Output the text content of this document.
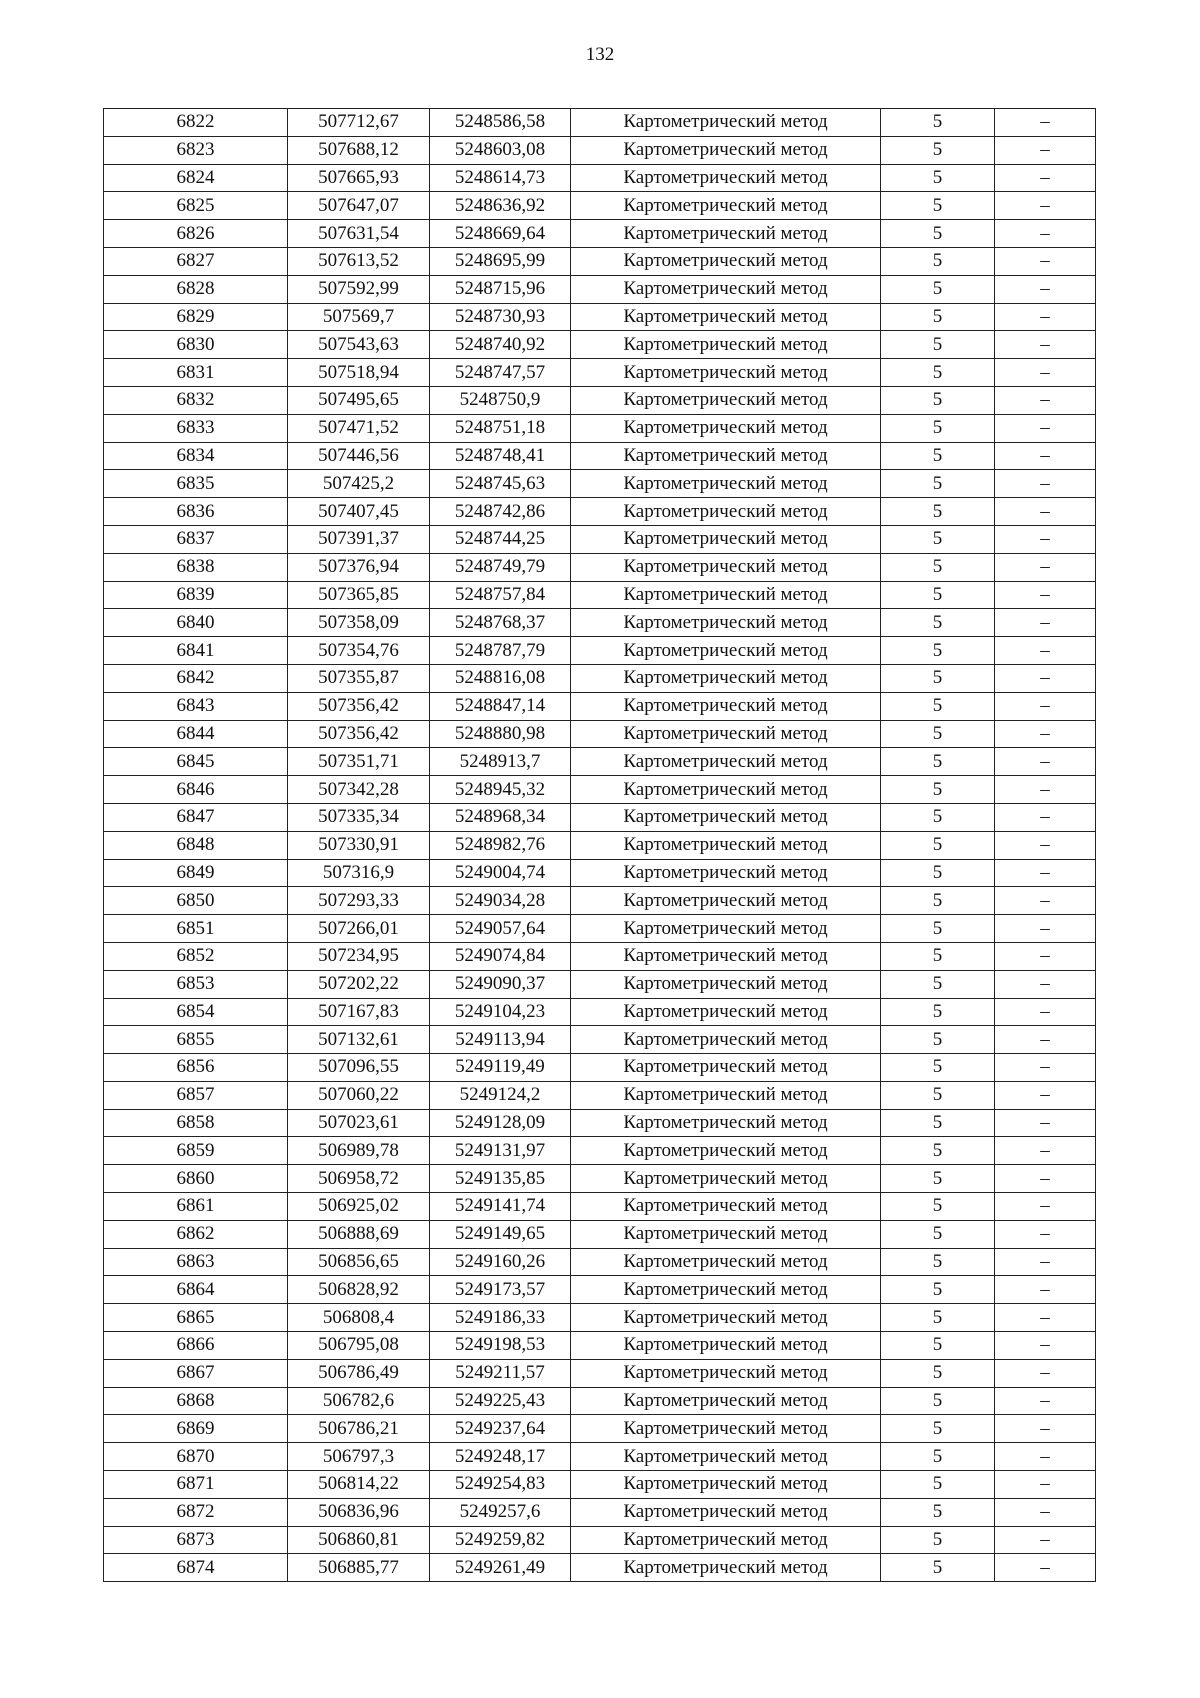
132
6822	507712,67	5248586,58	Картометрический метод	5	–
6823	507688,12	5248603,08	Картометрический метод	5	–
6824	507665,93	5248614,73	Картометрический метод	5	–
6825	507647,07	5248636,92	Картометрический метод	5	–
6826	507631,54	5248669,64	Картометрический метод	5	–
6827	507613,52	5248695,99	Картометрический метод	5	–
6828	507592,99	5248715,96	Картометрический метод	5	–
6829	507569,7	5248730,93	Картометрический метод	5	–
6830	507543,63	5248740,92	Картометрический метод	5	–
6831	507518,94	5248747,57	Картометрический метод	5	–
6832	507495,65	5248750,9	Картометрический метод	5	–
6833	507471,52	5248751,18	Картометрический метод	5	–
6834	507446,56	5248748,41	Картометрический метод	5	–
6835	507425,2	5248745,63	Картометрический метод	5	–
6836	507407,45	5248742,86	Картометрический метод	5	–
6837	507391,37	5248744,25	Картометрический метод	5	–
6838	507376,94	5248749,79	Картометрический метод	5	–
6839	507365,85	5248757,84	Картометрический метод	5	–
6840	507358,09	5248768,37	Картометрический метод	5	–
6841	507354,76	5248787,79	Картометрический метод	5	–
6842	507355,87	5248816,08	Картометрический метод	5	–
6843	507356,42	5248847,14	Картометрический метод	5	–
6844	507356,42	5248880,98	Картометрический метод	5	–
6845	507351,71	5248913,7	Картометрический метод	5	–
6846	507342,28	5248945,32	Картометрический метод	5	–
6847	507335,34	5248968,34	Картометрический метод	5	–
6848	507330,91	5248982,76	Картометрический метод	5	–
6849	507316,9	5249004,74	Картометрический метод	5	–
6850	507293,33	5249034,28	Картометрический метод	5	–
6851	507266,01	5249057,64	Картометрический метод	5	–
6852	507234,95	5249074,84	Картометрический метод	5	–
6853	507202,22	5249090,37	Картометрический метод	5	–
6854	507167,83	5249104,23	Картометрический метод	5	–
6855	507132,61	5249113,94	Картометрический метод	5	–
6856	507096,55	5249119,49	Картометрический метод	5	–
6857	507060,22	5249124,2	Картометрический метод	5	–
6858	507023,61	5249128,09	Картометрический метод	5	–
6859	506989,78	5249131,97	Картометрический метод	5	–
6860	506958,72	5249135,85	Картометрический метод	5	–
6861	506925,02	5249141,74	Картометрический метод	5	–
6862	506888,69	5249149,65	Картометрический метод	5	–
6863	506856,65	5249160,26	Картометрический метод	5	–
6864	506828,92	5249173,57	Картометрический метод	5	–
6865	506808,4	5249186,33	Картометрический метод	5	–
6866	506795,08	5249198,53	Картометрический метод	5	–
6867	506786,49	5249211,57	Картометрический метод	5	–
6868	506782,6	5249225,43	Картометрический метод	5	–
6869	506786,21	5249237,64	Картометрический метод	5	–
6870	506797,3	5249248,17	Картометрический метод	5	–
6871	506814,22	5249254,83	Картометрический метод	5	–
6872	506836,96	5249257,6	Картометрический метод	5	–
6873	506860,81	5249259,82	Картометрический метод	5	–
6874	506885,77	5249261,49	Картометрический метод	5	–
